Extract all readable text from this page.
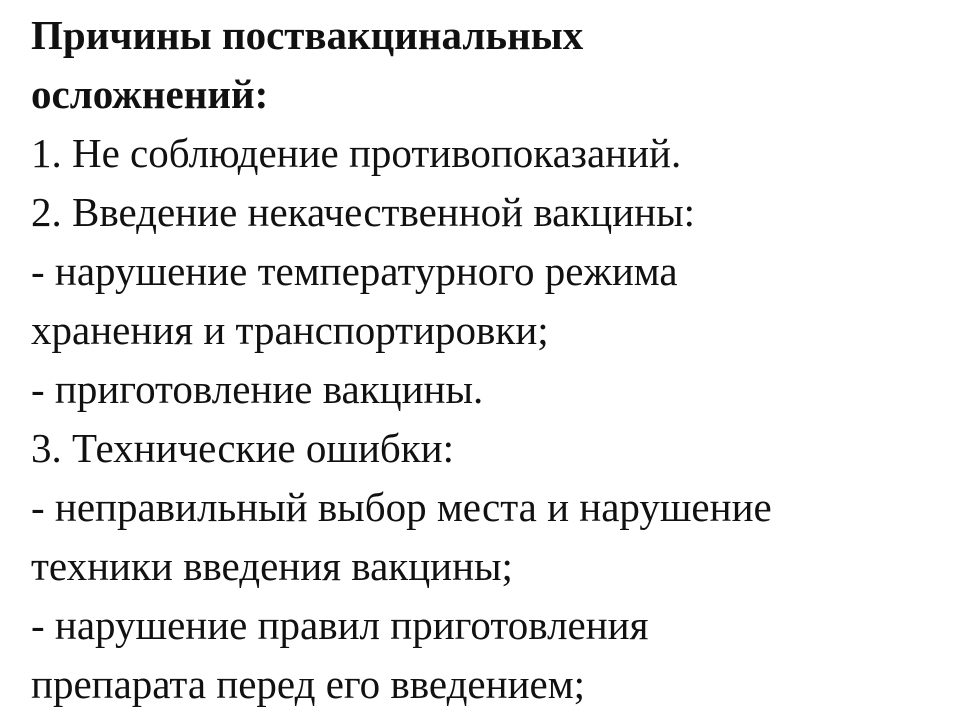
Причины поствакцинальных
осложнений:
1. Не соблюдение противопоказаний.
2. Введение некачественной вакцины:
- нарушение температурного режима
хранения и транспортировки;
- приготовление вакцины.
3. Технические ошибки:
- неправильный выбор места и нарушение
техники введения вакцины;
- нарушение правил приготовления
препарата перед его введением;
